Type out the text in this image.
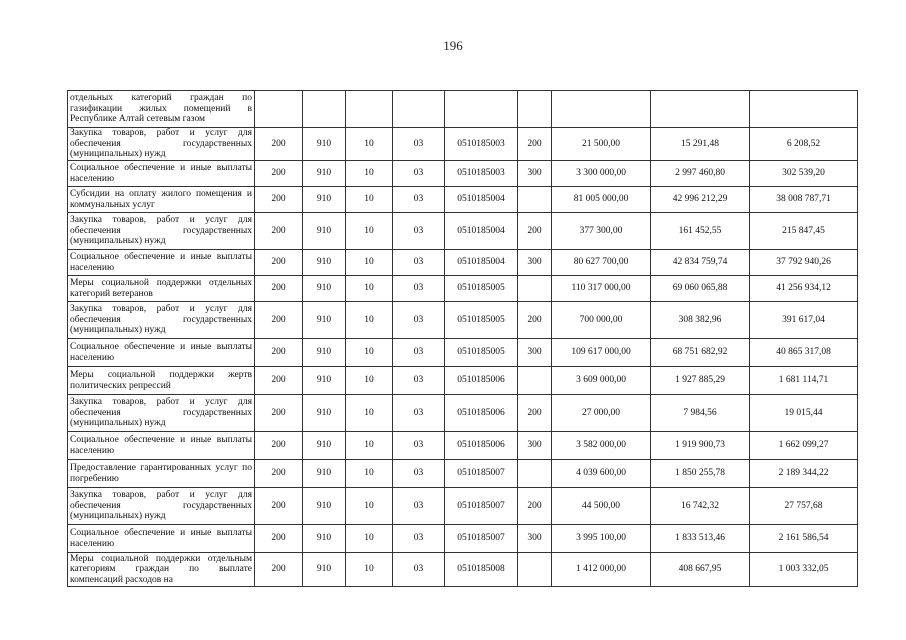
196
отдельных категорий граждан по газификации жилых помещений в Республике Алтай сетевым газом									
Закупка товаров, работ и услуг для обеспечения государственных (муниципальных) нужд	200	910	10	03	0510185003	200	21 500,00	15 291,48	6 208,52
Социальное обеспечение и иные выплаты населению	200	910	10	03	0510185003	300	3 300 000,00	2 997 460,80	302 539,20
Субсидии на оплату жилого помещения и коммунальных услуг	200	910	10	03	0510185004		81 005 000,00	42 996 212,29	38 008 787,71
Закупка товаров, работ и услуг для обеспечения государственных (муниципальных) нужд	200	910	10	03	0510185004	200	377 300,00	161 452,55	215 847,45
Социальное обеспечение и иные выплаты населению	200	910	10	03	0510185004	300	80 627 700,00	42 834 759,74	37 792 940,26
Меры социальной поддержки отдельных категорий ветеранов	200	910	10	03	0510185005		110 317 000,00	69 060 065,88	41 256 934,12
Закупка товаров, работ и услуг для обеспечения государственных (муниципальных) нужд	200	910	10	03	0510185005	200	700 000,00	308 382,96	391 617,04
Социальное обеспечение и иные выплаты населению	200	910	10	03	0510185005	300	109 617 000,00	68 751 682,92	40 865 317,08
Меры социальной поддержки жертв политических репрессий	200	910	10	03	0510185006		3 609 000,00	1 927 885,29	1 681 114,71
Закупка товаров, работ и услуг для обеспечения государственных (муниципальных) нужд	200	910	10	03	0510185006	200	27 000,00	7 984,56	19 015,44
Социальное обеспечение и иные выплаты населению	200	910	10	03	0510185006	300	3 582 000,00	1 919 900,73	1 662 099,27
Предоставление гарантированных услуг по погребению	200	910	10	03	0510185007		4 039 600,00	1 850 255,78	2 189 344,22
Закупка товаров, работ и услуг для обеспечения государственных (муниципальных) нужд	200	910	10	03	0510185007	200	44 500,00	16 742,32	27 757,68
Социальное обеспечение и иные выплаты населению	200	910	10	03	0510185007	300	3 995 100,00	1 833 513,46	2 161 586,54
Меры социальной поддержки отдельным категориям граждан по выплате компенсаций расходов на	200	910	10	03	0510185008		1 412 000,00	408 667,95	1 003 332,05
